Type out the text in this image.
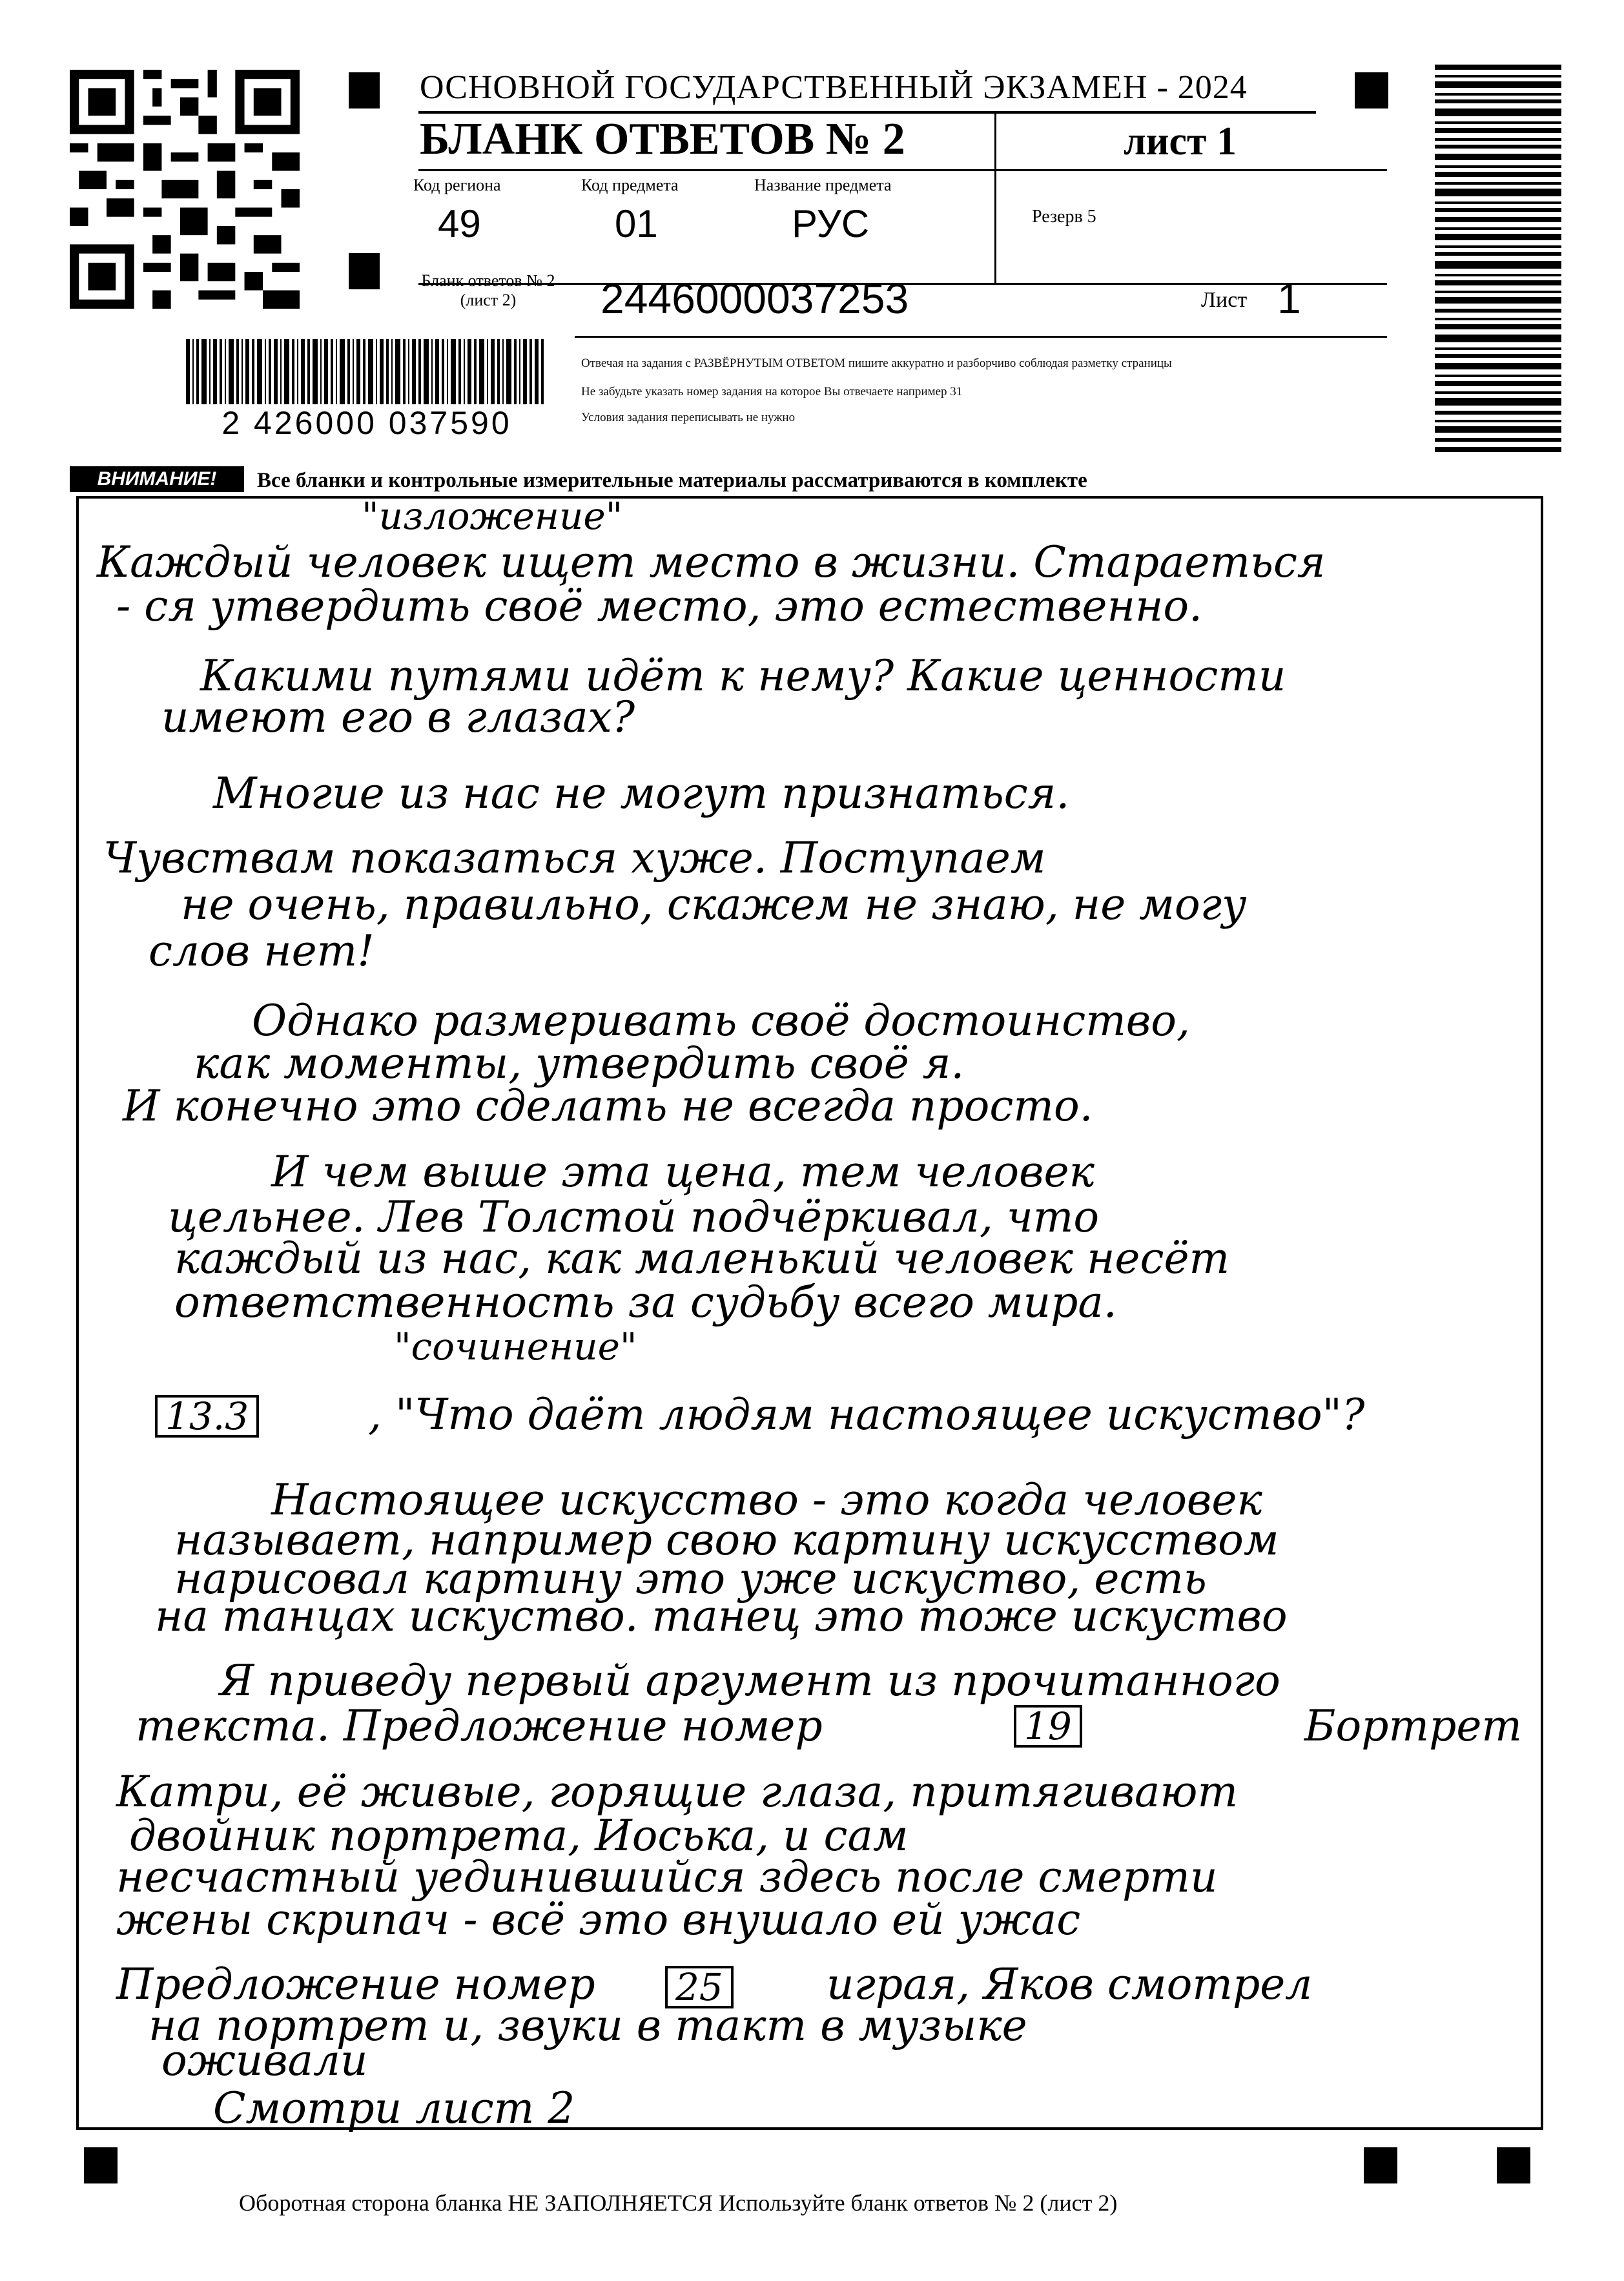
2 426000 037590
ОСНОВНОЙ ГОСУДАРСТВЕННЫЙ ЭКЗАМЕН - 2024
БЛАНК ОТВЕТОВ № 2	лист 1
Код региона
49
Код предмета
01
Название предмета
РУС	Резерв 5
Бланк ответов № 2 (лист 2)	2446000037253	Лист 1
Отвечая на задания с РАЗВЁРНУТЫМ ОТВЕТОМ пишите аккуратно и разборчиво соблюдая разметку страницы
Не забудьте указать номер задания на которое Вы отвечаете например 31
Условия задания переписывать не нужно
ВНИМАНИЕ!	Все бланки и контрольные измерительные материалы рассматриваются в комплекте
"изложение"
Каждый человек ищет место в жизни. Стараеться
- ся утвердить своё место, это естественно.
Какими путями идёт к нему? Какие ценности
имеют его в глазах?
Многие из нас не могут признаться.
Чувствам показаться хуже. Поступаем
не очень, правильно, скажем не знаю, не могу
слов нет!
Однако размеривать своё достоинство,
как моменты, утвердить своё я.
И конечно это сделать не всегда просто.
И чем выше эта цена, тем человек
цельнее. Лев Толстой подчёркивал, что
каждый из нас, как маленький человек несёт
ответственность за судьбу всего мира.
"сочинение"
13.3	, "Что даёт людям настоящее искуство"?
Настоящее искусство - это когда человек
называет, например свою картину искусством
нарисовал картину это уже искуство, есть
на танцах искуство. танец это тоже искуство
Я приведу первый аргумент из прочитанного
текста. Предложение номер	19	Бортрет
Катри, её живые, горящие глаза, притягивают
двойник портрета, Иоська, и сам
несчастный уединившийся здесь после смерти
жены скрипач - всё это внушало ей ужас
Предложение номер 25 играя, Яков смотрел
на портрет и, звуки в такт в музыке
оживали
Смотри лист 2
Оборотная сторона бланка НЕ ЗАПОЛНЯЕТСЯ Используйте бланк ответов № 2 (лист 2)
